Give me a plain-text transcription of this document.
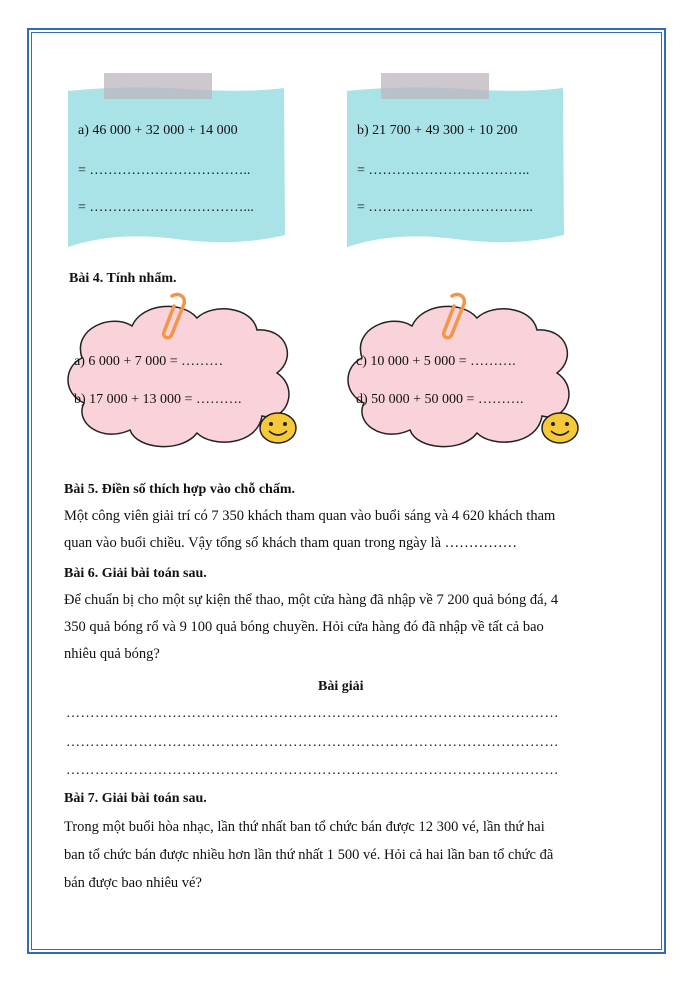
a) 46 000 + 32 000 + 14 000
= ……………………………..
= ……………………………...
b) 21 700 + 49 300 + 10 200
= ……………………………..
= ……………………………...
Bài 4. Tính nhẩm.
a) 6 000 + 7 000 = ………
b) 17 000 + 13 000 = ……….
c) 10 000 + 5 000 = ……….
d) 50 000 + 50 000 = ……….
Bài 5. Điền số thích hợp vào chỗ chấm.
Một công viên giải trí có 7 350 khách tham quan vào buổi sáng và 4 620 khách tham
quan vào buổi chiều. Vậy tổng số khách tham quan trong ngày là ……………
Bài 6. Giải bài toán sau.
Để chuẩn bị cho một sự kiện thể thao, một cửa hàng đã nhập về 7 200 quả bóng đá, 4
350 quả bóng rổ và 9 100 quả bóng chuyền. Hỏi cửa hàng đó đã nhập về tất cả bao
nhiêu quả bóng?
Bài giải
…………………………………………………………………………………………
…………………………………………………………………………………………
…………………………………………………………………………………………
Bài 7. Giải bài toán sau.
Trong một buổi hòa nhạc, lần thứ nhất ban tổ chức bán được 12 300 vé, lần thứ hai
ban tổ chức bán được nhiều hơn lần thứ nhất 1 500 vé. Hỏi cả hai lần ban tổ chức đã
bán được bao nhiêu vé?
